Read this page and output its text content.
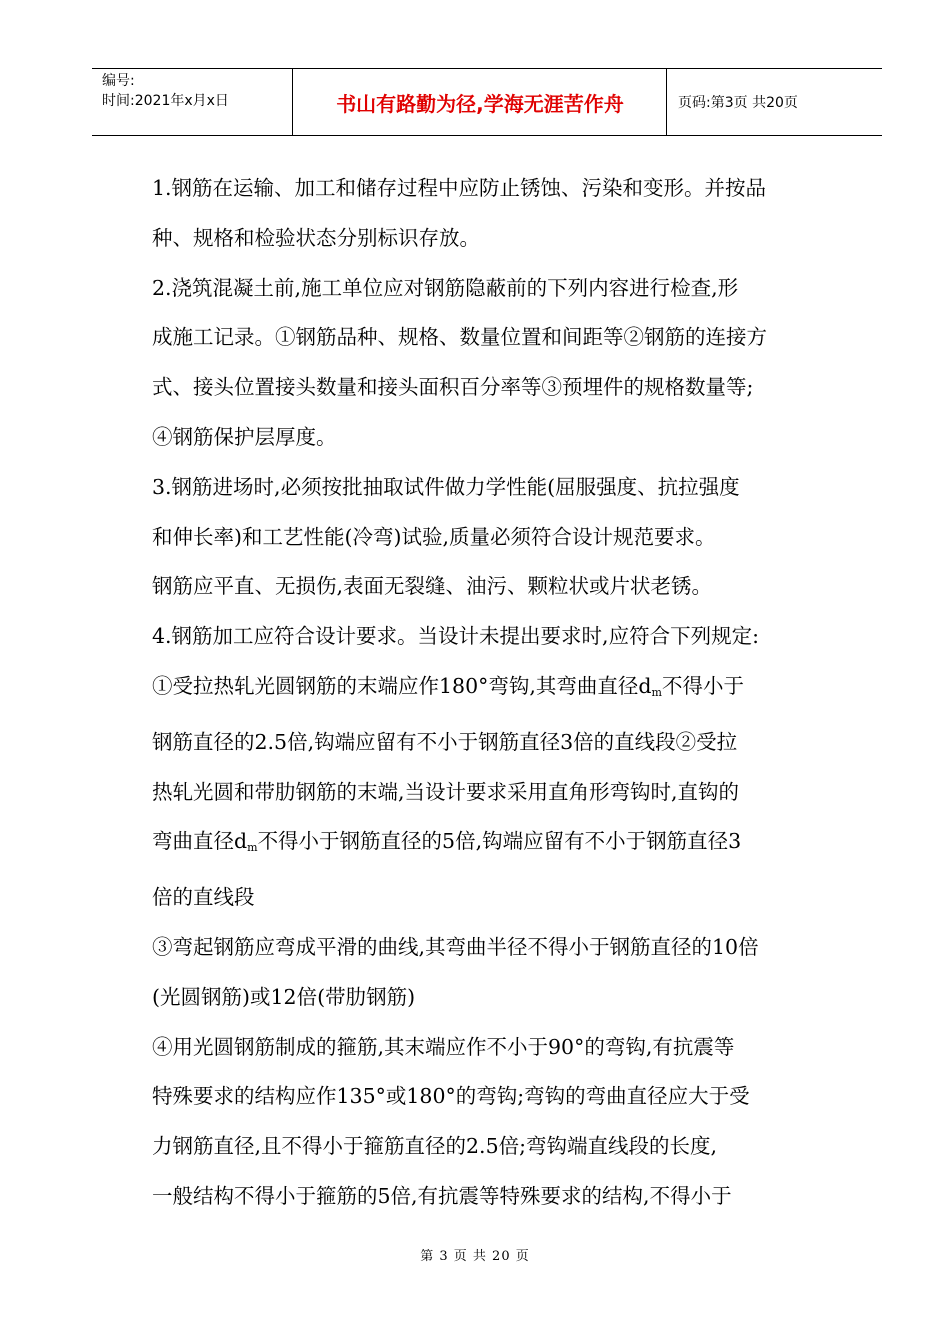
编号:
时间:2021年x月x日	书山有路勤为径,学海无涯苦作舟	页码:第3页 共20页
1.钢筋在运输、加工和储存过程中应防止锈蚀、污染和变形。并按品
种、规格和检验状态分别标识存放。
2.浇筑混凝土前,施工单位应对钢筋隐蔽前的下列内容进行检查,形
成施工记录。①钢筋品种、规格、数量位置和间距等②钢筋的连接方
式、接头位置接头数量和接头面积百分率等③预埋件的规格数量等;
④钢筋保护层厚度。
3.钢筋进场时,必须按批抽取试件做力学性能(屈服强度、抗拉强度
和伸长率)和工艺性能(冷弯)试验,质量必须符合设计规范要求。
钢筋应平直、无损伤,表面无裂缝、油污、颗粒状或片状老锈。
4.钢筋加工应符合设计要求。当设计未提出要求时,应符合下列规定:
①受拉热轧光圆钢筋的末端应作180°弯钩,其弯曲直径$d_m$不得小于
钢筋直径的2.5倍,钩端应留有不小于钢筋直径3倍的直线段②受拉
热轧光圆和带肋钢筋的末端,当设计要求采用直角形弯钩时,直钩的
弯曲直径$d_m$不得小于钢筋直径的5倍,钩端应留有不小于钢筋直径3
倍的直线段
③弯起钢筋应弯成平滑的曲线,其弯曲半径不得小于钢筋直径的10倍
(光圆钢筋)或12倍(带肋钢筋)
④用光圆钢筋制成的箍筋,其末端应作不小于90°的弯钩,有抗震等
特殊要求的结构应作135°或180°的弯钩;弯钩的弯曲直径应大于受
力钢筋直径,且不得小于箍筋直径的2.5倍;弯钩端直线段的长度,
一般结构不得小于箍筋的5倍,有抗震等特殊要求的结构,不得小于
第 3 页 共 20 页
